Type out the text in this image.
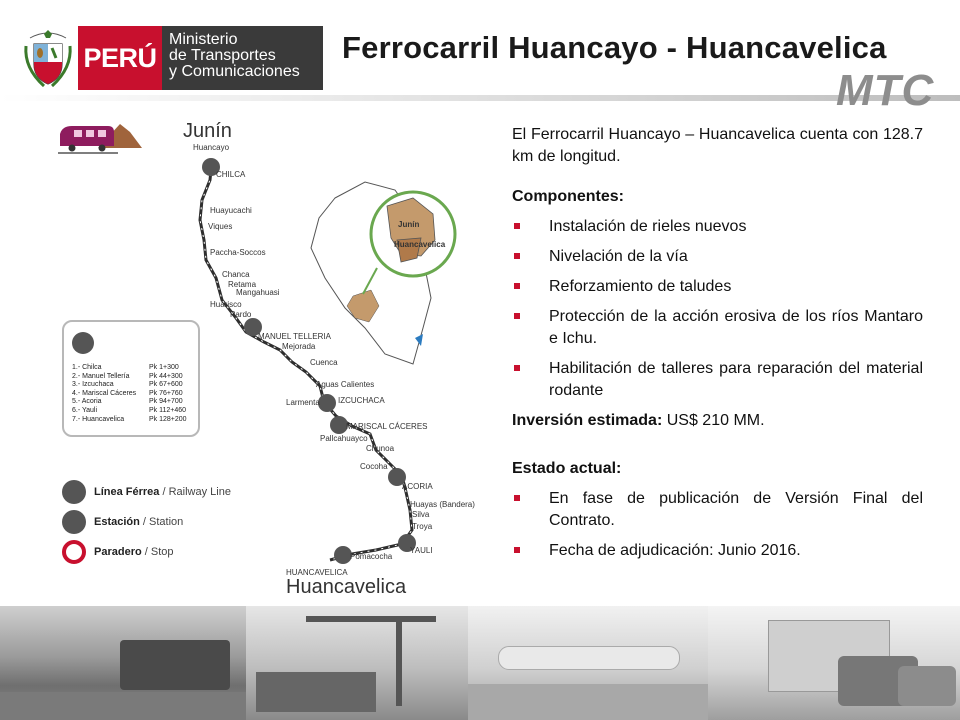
PERÚ
Ministerio
de Transportes
y Comunicaciones
Ferrocarril Huancayo - Huancavelica
MTC
Junín
Huancayo
Huancavelica
CHILCA
MANUEL TELLERIA
IZCUCHACA
MARISCAL CÁCERES
ACORIA
YAULI
HUANCAVELICA
Huayucachi
Viques
Paccha-Soccos
Chanca
Retama
Mangahuasi
Huarisco
Pardo
Mejorada
Cuenca
Aguas Calientes
Larmenta
Pallcahuayco
Chunoa
Cocoha
Huayas (Bandera)
Silva
Troya
Pomacocha
Junín
Huancavelica
1.- Chilca	Pk 1+300
2.- Manuel Tellería	Pk 44+300
3.- Izcuchaca	Pk 67+600
4.- Mariscal Cáceres	Pk 76+760
5.- Acoria	Pk 94+700
6.- Yauli	Pk 112+460
7.- Huancavelica	Pk 128+200
Línea Férrea / Railway Line
Estación / Station
Paradero / Stop

El Ferrocarril Huancayo – Huancavelica cuenta con 128.7 km de longitud.

Componentes:

Instalación de rieles nuevos
Nivelación de la vía
Reforzamiento de taludes
Protección de la acción erosiva de los ríos Mantaro e Ichu.
Habilitación de talleres para reparación del material rodante

Inversión estimada: US$ 210 MM.

Estado actual:

En fase de publicación de Versión Final del Contrato.
Fecha de adjudicación: Junio 2016.
